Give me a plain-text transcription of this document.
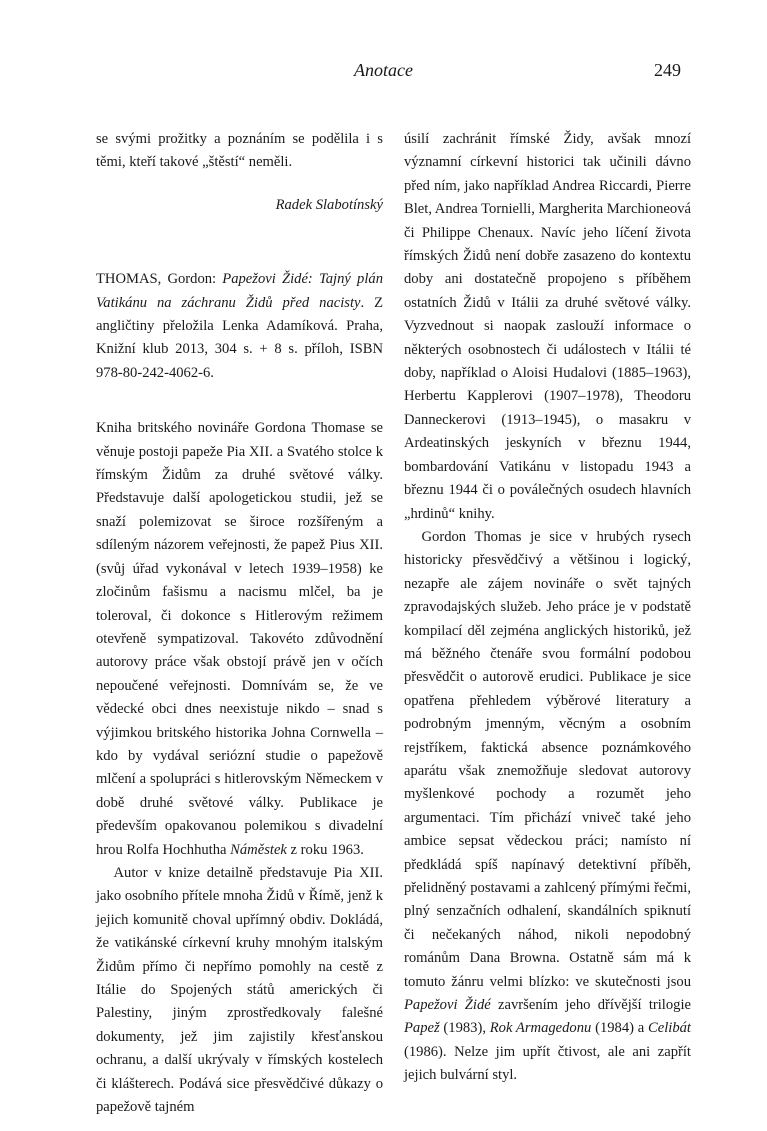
Anotace	249

se svými prožitky a poznáním se podělila i s těmi, kteří takové „štěstí“ neměli.

Radek Slabotínský

THOMAS, Gordon: Papežovi Židé: Tajný plán Vatikánu na záchranu Židů před nacisty. Z angličtiny přeložila Lenka Adamíková. Praha, Knižní klub 2013, 304 s. + 8 s. příloh, ISBN 978-80-242-4062-6.

Kniha britského novináře Gordona Thomase se věnuje postoji papeže Pia XII. a Svatého stolce k římským Židům za druhé světové války. Představuje další apologetickou studii, jež se snaží polemizovat se široce rozšířeným a sdíleným názorem veřejnosti, že papež Pius XII. (svůj úřad vykonával v letech 1939–1958) ke zločinům fašismu a nacismu mlčel, ba je toleroval, či dokonce s Hitlerovým režimem otevřeně sympatizoval. Takovéto zdůvodnění autorovy práce však obstojí právě jen v očích nepoučené veřejnosti. Domnívám se, že ve vědecké obci dnes neexistuje nikdo – snad s výjimkou britského historika Johna Cornwella – kdo by vydával seriózní studie o papežově mlčení a spolupráci s hitlerovským Německem v době druhé světové války. Publikace je především opakovanou polemikou s divadelní hrou Rolfa Hochhutha Náměstek z roku 1963.

Autor v knize detailně představuje Pia XII. jako osobního přítele mnoha Židů v Římě, jenž k jejich komunitě choval upřímný obdiv. Dokládá, že vatikánské církevní kruhy mnohým italským Židům přímo či nepřímo pomohly na cestě z Itálie do Spojených států amerických či Palestiny, jiným zprostředkovaly falešné dokumenty, jež jim zajistily křesťanskou ochranu, a další ukrývaly v římských kostelech či klášterech. Podává sice přesvědčivé důkazy o papežově tajném

úsilí zachránit římské Židy, avšak mnozí významní církevní historici tak učinili dávno před ním, jako například Andrea Riccardi, Pierre Blet, Andrea Tornielli, Margherita Marchioneová či Philippe Chenaux. Navíc jeho líčení života římských Židů není dobře zasazeno do kontextu doby ani dostatečně propojeno s příběhem ostatních Židů v Itálii za druhé světové války. Vyzvednout si naopak zaslouží informace o některých osobnostech či událostech v Itálii té doby, například o Aloisi Hudalovi (1885–1963), Herbertu Kapplerovi (1907–1978), Theodoru Danneckerovi (1913–1945), o masakru v Ardeatinských jeskyních v březnu 1944, bombardování Vatikánu v listopadu 1943 a březnu 1944 či o poválečných osudech hlavních „hrdinů“ knihy.

Gordon Thomas je sice v hrubých rysech historicky přesvědčivý a většinou i logický, nezapře ale zájem novináře o svět tajných zpravodajských služeb. Jeho práce je v podstatě kompilací děl zejména anglických historiků, jež má běžného čtenáře svou formální podobou přesvědčit o autorově erudici. Publikace je sice opatřena přehledem výběrové literatury a podrobným jmenným, věcným a osobním rejstříkem, faktická absence poznámkového aparátu však znemožňuje sledovat autorovy myšlenkové pochody a rozumět jeho argumentaci. Tím přichází vniveč také jeho ambice sepsat vědeckou práci; namísto ní předkládá spíš napínavý detektivní příběh, přelidněný postavami a zahlcený přímými řečmi, plný senzačních odhalení, skandálních spiknutí či nečekaných náhod, nikoli nepodobný románům Dana Browna. Ostatně sám má k tomuto žánru velmi blízko: ve skutečnosti jsou Papežovi Židé završením jeho dřívější trilogie Papež (1983), Rok Armagedonu (1984) a Celibát (1986). Nelze jim upřít čtivost, ale ani zapřít jejich bulvární styl.
